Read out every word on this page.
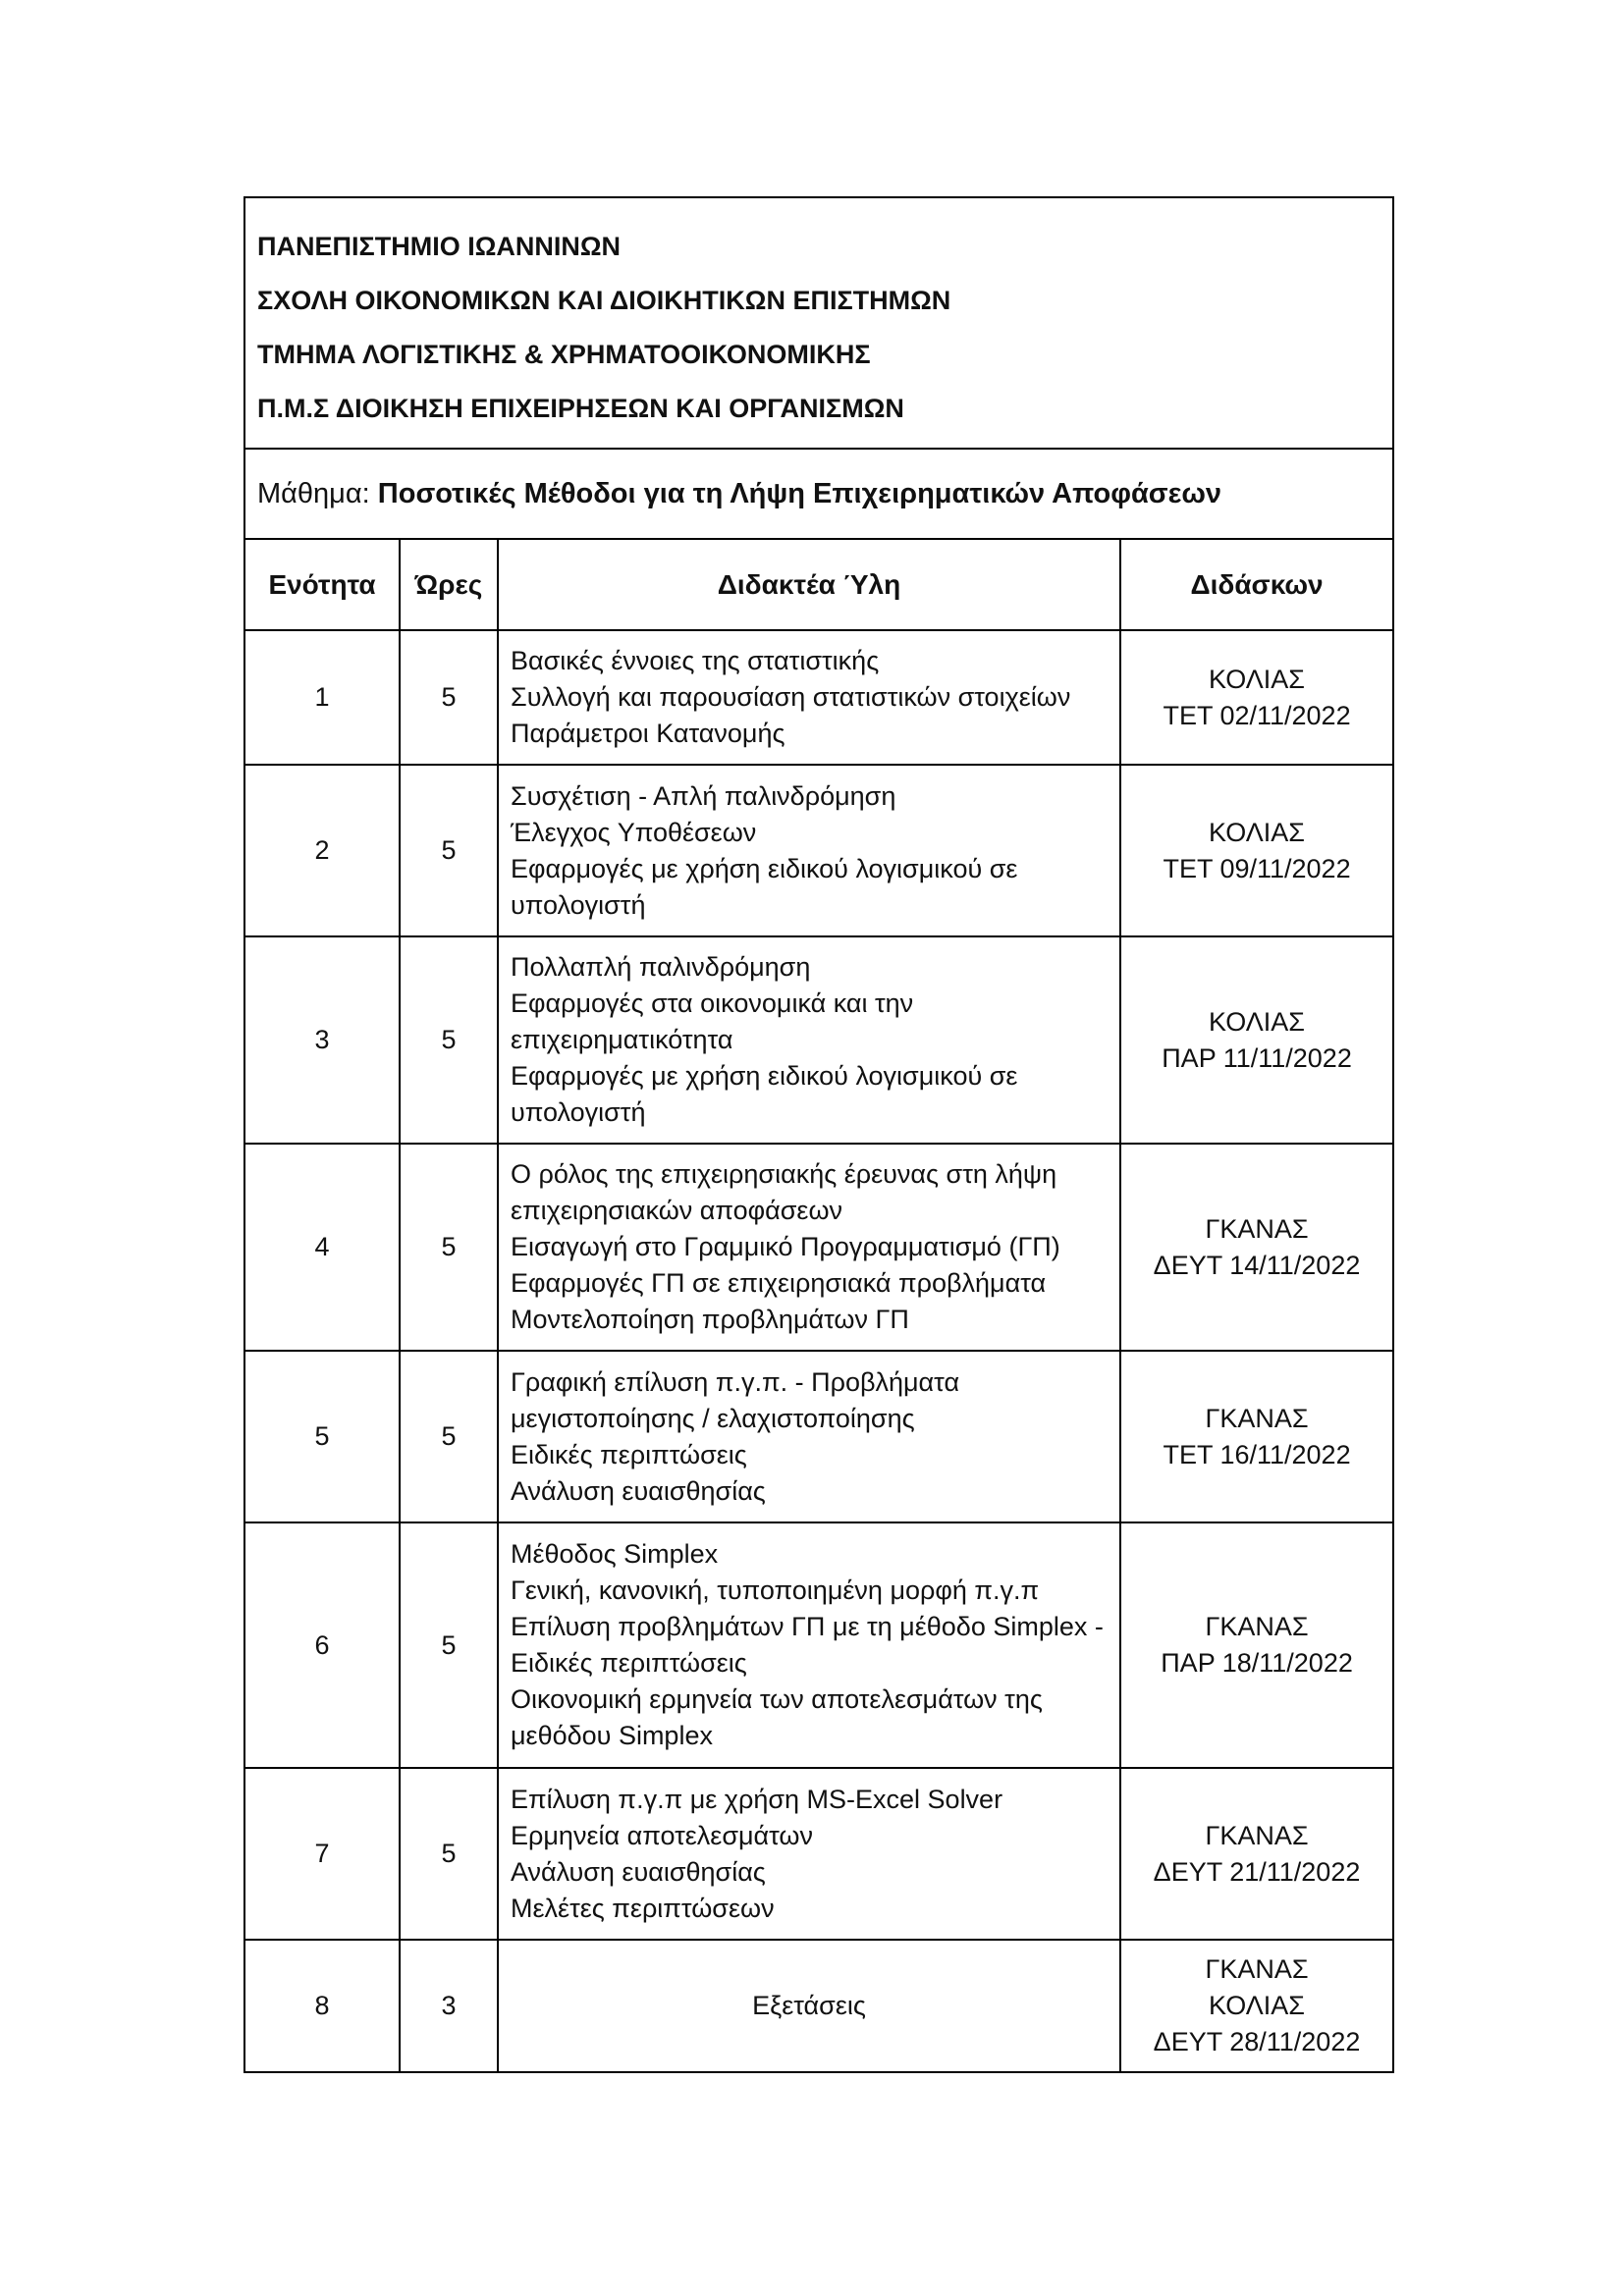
ΠΑΝΕΠΙΣΤΗΜΙΟ ΙΩΑΝΝΙΝΩΝ
ΣΧΟΛΗ ΟΙΚΟΝΟΜΙΚΩΝ ΚΑΙ ΔΙΟΙΚΗΤΙΚΩΝ ΕΠΙΣΤΗΜΩΝ
ΤΜΗΜΑ ΛΟΓΙΣΤΙΚΗΣ & ΧΡΗΜΑΤΟΟΙΚΟΝΟΜΙΚΗΣ
Π.Μ.Σ ΔΙΟΙΚΗΣΗ ΕΠΙΧΕΙΡΗΣΕΩΝ ΚΑΙ ΟΡΓΑΝΙΣΜΩΝ			

Μάθημα: Ποσοτικές Μέθοδοι για τη Λήψη Επιχειρηματικών Αποφάσεων			
Ενότητα	Ώρες	Διδακτέα Ύλη	Διδάσκων
1	5	Βασικές έννοιες της στατιστικής
Συλλογή και παρουσίαση στατιστικών στοιχείων
Παράμετροι Κατανομής	ΚΟΛΙΑΣ
ΤΕΤ 02/11/2022

2	5	Συσχέτιση - Απλή παλινδρόμηση
Έλεγχος Υποθέσεων
Εφαρμογές με χρήση ειδικού λογισμικού σε υπολογιστή	ΚΟΛΙΑΣ
ΤΕΤ 09/11/2022

3	5	Πολλαπλή παλινδρόμηση
Εφαρμογές στα οικονομικά και την επιχειρηματικότητα
Εφαρμογές με χρήση ειδικού λογισμικού σε υπολογιστή	ΚΟΛΙΑΣ
ΠΑΡ 11/11/2022

4	5	Ο ρόλος της επιχειρησιακής έρευνας στη λήψη επιχειρησιακών αποφάσεων
Εισαγωγή στο Γραμμικό Προγραμματισμό (ΓΠ)
Εφαρμογές ΓΠ σε επιχειρησιακά προβλήματα
Μοντελοποίηση προβλημάτων ΓΠ	ΓΚΑΝΑΣ
ΔΕΥΤ 14/11/2022

5	5	Γραφική επίλυση π.γ.π. - Προβλήματα μεγιστοποίησης / ελαχιστοποίησης
Ειδικές περιπτώσεις
Ανάλυση ευαισθησίας	ΓΚΑΝΑΣ
ΤΕΤ 16/11/2022

6	5	Μέθοδος Simplex
Γενική, κανονική, τυποποιημένη μορφή π.γ.π
Επίλυση προβλημάτων ΓΠ με τη μέθοδο Simplex - Ειδικές περιπτώσεις
Οικονομική ερμηνεία των αποτελεσμάτων της μεθόδου Simplex	ΓΚΑΝΑΣ
ΠΑΡ 18/11/2022

7	5	Επίλυση π.γ.π με χρήση MS-Excel Solver
Ερμηνεία αποτελεσμάτων
Ανάλυση ευαισθησίας
Μελέτες περιπτώσεων	ΓΚΑΝΑΣ
ΔΕΥΤ 21/11/2022

8	3	Εξετάσεις	ΓΚΑΝΑΣ
ΚΟΛΙΑΣ
ΔΕΥΤ 28/11/2022
